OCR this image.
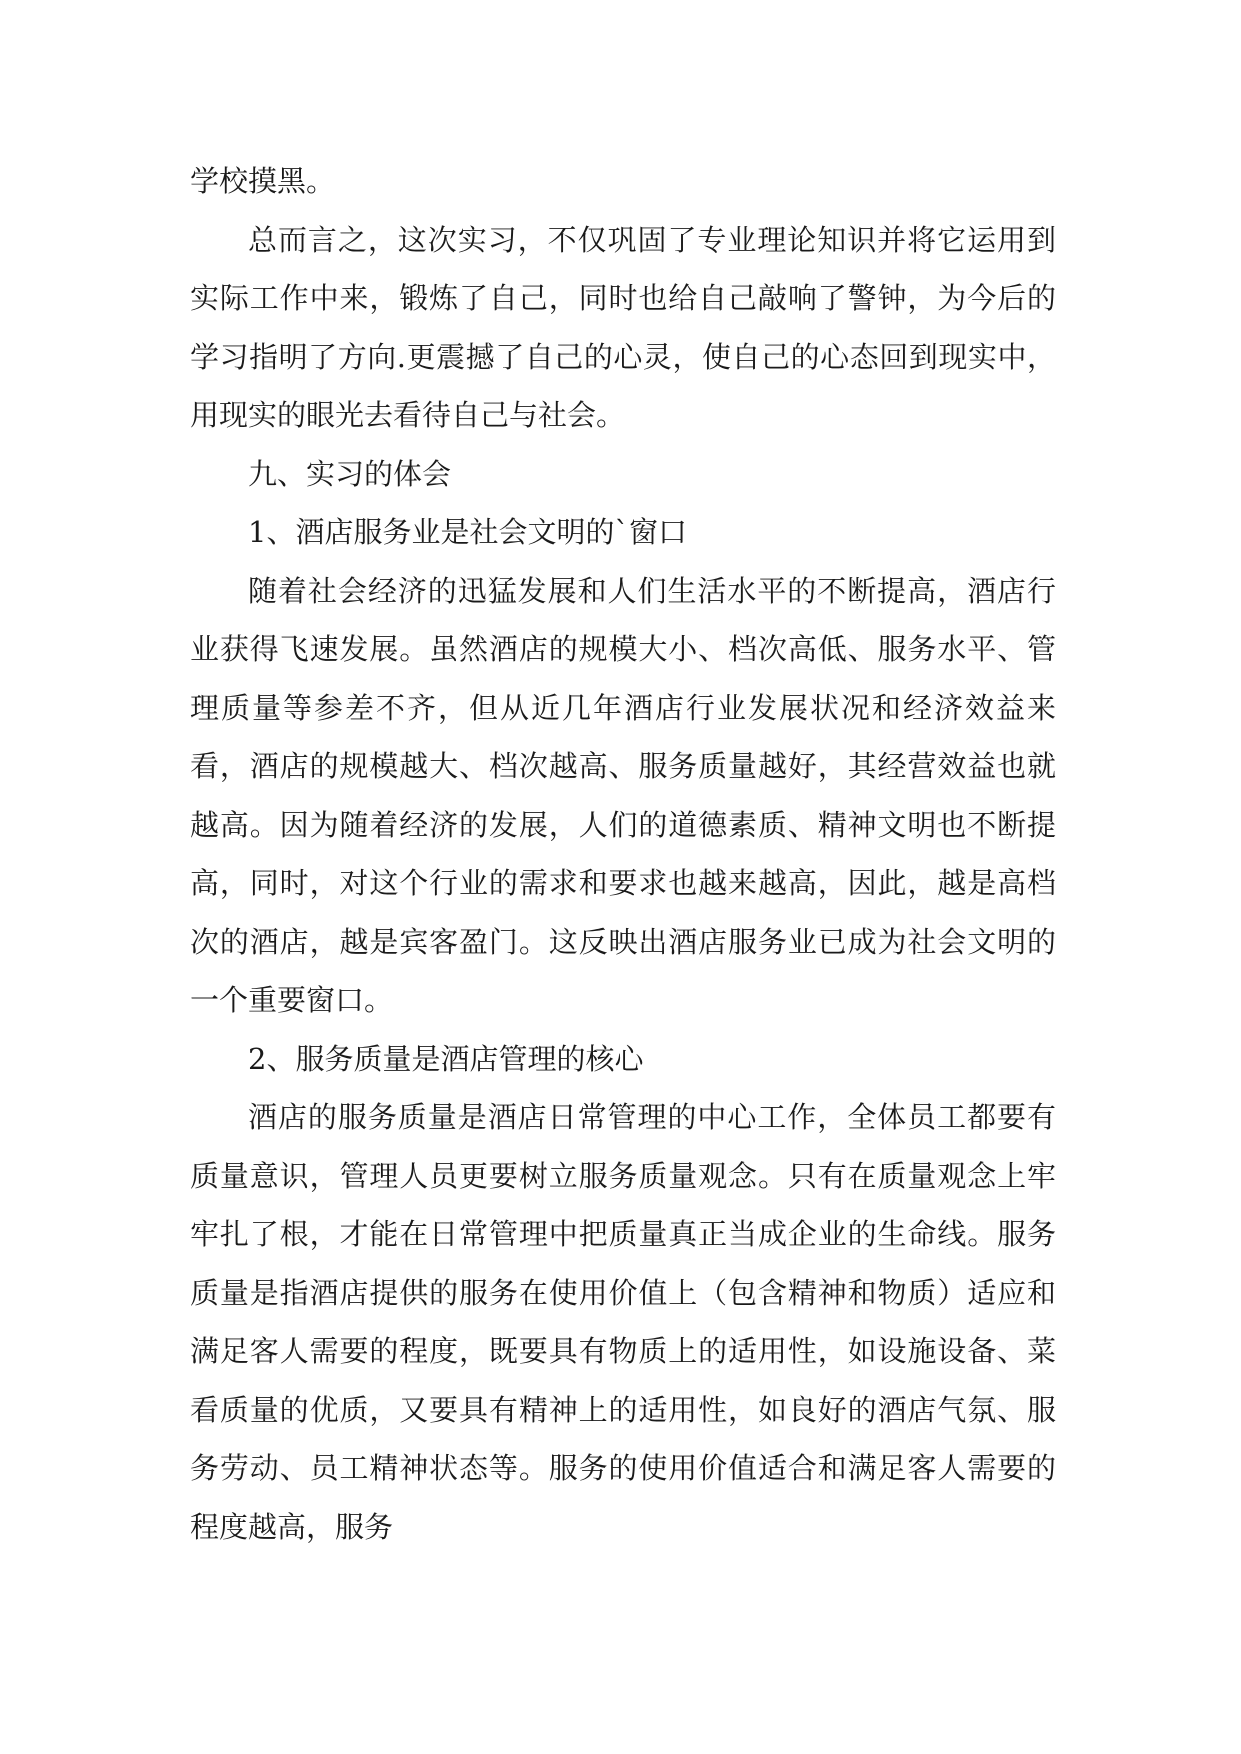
学校摸黑。

总而言之，这次实习，不仅巩固了专业理论知识并将它运用到实际工作中来，锻炼了自己，同时也给自己敲响了警钟，为今后的学习指明了方向.更震撼了自己的心灵，使自己的心态回到现实中，用现实的眼光去看待自己与社会。

九、实习的体会

1、酒店服务业是社会文明的`窗口

随着社会经济的迅猛发展和人们生活水平的不断提高，酒店行业获得飞速发展。虽然酒店的规模大小、档次高低、服务水平、管理质量等参差不齐，但从近几年酒店行业发展状况和经济效益来看，酒店的规模越大、档次越高、服务质量越好，其经营效益也就越高。因为随着经济的发展，人们的道德素质、精神文明也不断提高，同时，对这个行业的需求和要求也越来越高，因此，越是高档次的酒店，越是宾客盈门。这反映出酒店服务业已成为社会文明的一个重要窗口。

2、服务质量是酒店管理的核心

酒店的服务质量是酒店日常管理的中心工作，全体员工都要有质量意识，管理人员更要树立服务质量观念。只有在质量观念上牢牢扎了根，才能在日常管理中把质量真正当成企业的生命线。服务质量是指酒店提供的服务在使用价值上（包含精神和物质）适应和满足客人需要的程度，既要具有物质上的适用性，如设施设备、菜看质量的优质，又要具有精神上的适用性，如良好的酒店气氛、服务劳动、员工精神状态等。服务的使用价值适合和满足客人需要的程度越高，服务
